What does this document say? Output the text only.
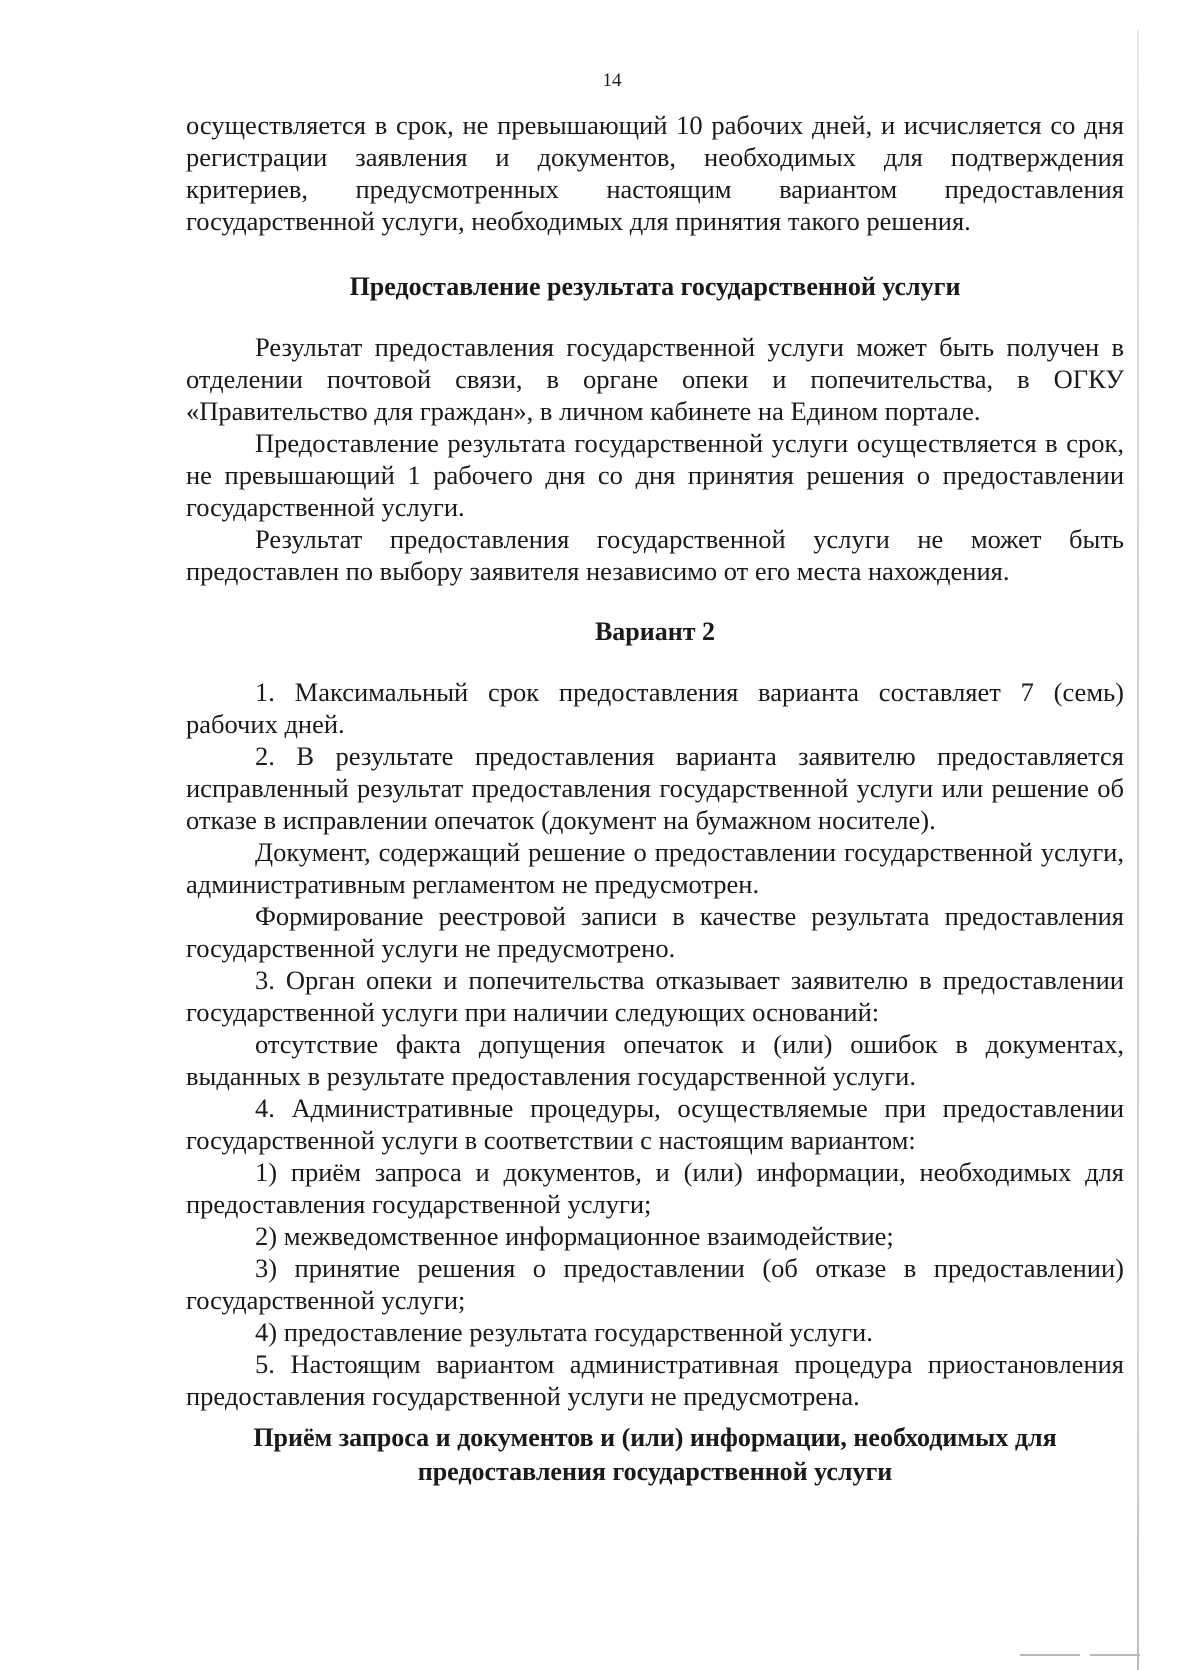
14

осуществляется в срок, не превышающий 10 рабочих дней, и исчисляется со дня регистрации заявления и документов, необходимых для подтверждения критериев, предусмотренных настоящим вариантом предоставления государственной услуги, необходимых для принятия такого решения.

Предоставление результата государственной услуги

Результат предоставления государственной услуги может быть получен в отделении почтовой связи, в органе опеки и попечительства, в ОГКУ «Правительство для граждан», в личном кабинете на Едином портале.

Предоставление результата государственной услуги осуществляется в срок, не превышающий 1 рабочего дня со дня принятия решения о предоставлении государственной услуги.

Результат предоставления государственной услуги не может быть предоставлен по выбору заявителя независимо от его места нахождения.

Вариант 2

1. Максимальный срок предоставления варианта составляет 7 (семь) рабочих дней.

2. В результате предоставления варианта заявителю предоставляется исправленный результат предоставления государственной услуги или решение об отказе в исправлении опечаток (документ на бумажном носителе).

Документ, содержащий решение о предоставлении государственной услуги, административным регламентом не предусмотрен.

Формирование реестровой записи в качестве результата предоставления государственной услуги не предусмотрено.

3. Орган опеки и попечительства отказывает заявителю в предоставлении государственной услуги при наличии следующих оснований:

отсутствие факта допущения опечаток и (или) ошибок в документах, выданных в результате предоставления государственной услуги.

4. Административные процедуры, осуществляемые при предоставлении государственной услуги в соответствии с настоящим вариантом:

1) приём запроса и документов, и (или) информации, необходимых для предоставления государственной услуги;

2) межведомственное информационное взаимодействие;

3) принятие решения о предоставлении (об отказе в предоставлении) государственной услуги;

4) предоставление результата государственной услуги.

5. Настоящим вариантом административная процедура приостановления предоставления государственной услуги не предусмотрена.

Приём запроса и документов и (или) информации, необходимых для

предоставления государственной услуги
